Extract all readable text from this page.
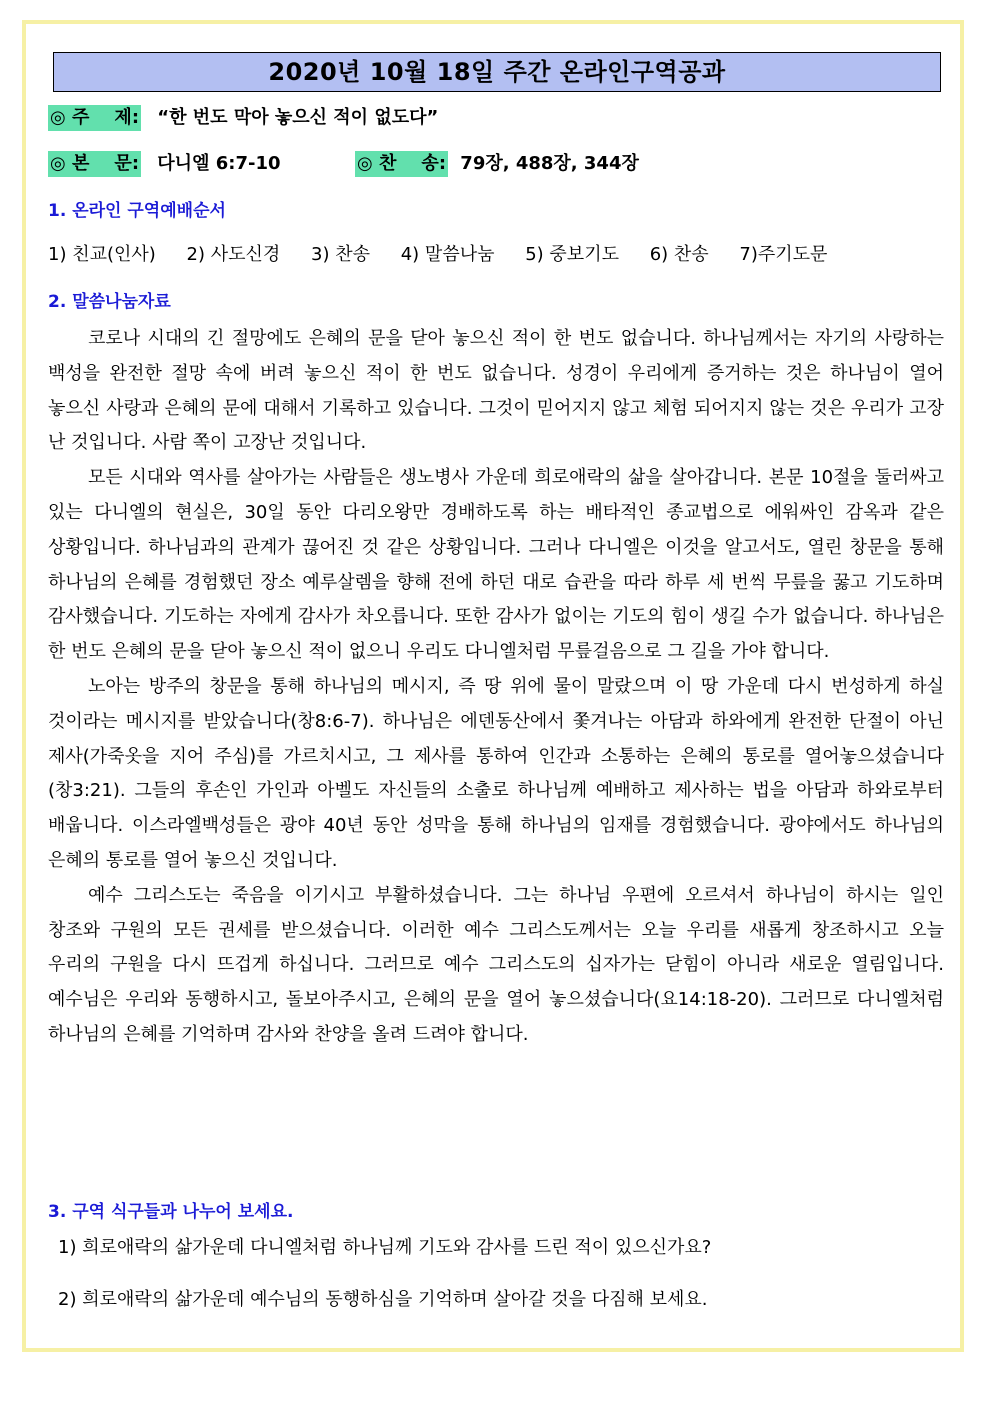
2020년 10월 18일 주간 온라인구역공과
◎ 주    제: “한 번도 막아 놓으신 적이 없도다”
◎ 본    문: 다니엘 6:7-10	◎ 찬    송: 79장, 488장, 344장
1. 온라인 구역예배순서
1) 친교(인사) 2) 사도신경 3) 찬송 4) 말씀나눔 5) 중보기도 6) 찬송 7)주기도문
2. 말씀나눔자료

코로나 시대의 긴 절망에도 은혜의 문을 닫아 놓으신 적이 한 번도 없습니다. 하나님께서는 자기의 사랑하는 백성을 완전한 절망 속에 버려 놓으신 적이 한 번도 없습니다. 성경이 우리에게 증거하는 것은 하나님이 열어 놓으신 사랑과 은혜의 문에 대해서 기록하고 있습니다. 그것이 믿어지지 않고 체험 되어지지 않는 것은 우리가 고장 난 것입니다. 사람 쪽이 고장난 것입니다.

모든 시대와 역사를 살아가는 사람들은 생노병사 가운데 희로애락의 삶을 살아갑니다. 본문 10절을 둘러싸고 있는 다니엘의 현실은, 30일 동안 다리오왕만 경배하도록 하는 배타적인 종교법으로 에워싸인 감옥과 같은 상황입니다. 하나님과의 관계가 끊어진 것 같은 상황입니다. 그러나 다니엘은 이것을 알고서도, 열린 창문을 통해 하나님의 은혜를 경험했던 장소 예루살렘을 향해 전에 하던 대로 습관을 따라 하루 세 번씩 무릎을 꿇고 기도하며 감사했습니다. 기도하는 자에게 감사가 차오릅니다. 또한 감사가 없이는 기도의 힘이 생길 수가 없습니다. 하나님은 한 번도 은혜의 문을 닫아 놓으신 적이 없으니 우리도 다니엘처럼 무릎걸음으로 그 길을 가야 합니다.

노아는 방주의 창문을 통해 하나님의 메시지, 즉 땅 위에 물이 말랐으며 이 땅 가운데 다시 번성하게 하실 것이라는 메시지를 받았습니다(창8:6-7). 하나님은 에덴동산에서 쫓겨나는 아담과 하와에게 완전한 단절이 아닌 제사(가죽옷을 지어 주심)를 가르치시고, 그 제사를 통하여 인간과 소통하는 은혜의 통로를 열어놓으셨습니다(창3:21). 그들의 후손인 가인과 아벨도 자신들의 소출로 하나님께 예배하고 제사하는 법을 아담과 하와로부터 배웁니다. 이스라엘백성들은 광야 40년 동안 성막을 통해 하나님의 임재를 경험했습니다. 광야에서도 하나님의 은혜의 통로를 열어 놓으신 것입니다.

예수 그리스도는 죽음을 이기시고 부활하셨습니다. 그는 하나님 우편에 오르셔서 하나님이 하시는 일인 창조와 구원의 모든 권세를 받으셨습니다. 이러한 예수 그리스도께서는 오늘 우리를 새롭게 창조하시고 오늘 우리의 구원을 다시 뜨겁게 하십니다. 그러므로 예수 그리스도의 십자가는 닫힘이 아니라 새로운 열림입니다. 예수님은 우리와 동행하시고, 돌보아주시고, 은혜의 문을 열어 놓으셨습니다(요14:18-20). 그러므로 다니엘처럼 하나님의 은혜를 기억하며 감사와 찬양을 올려 드려야 합니다.

3. 구역 식구들과 나누어 보세요.
1) 희로애락의 삶가운데 다니엘처럼 하나님께 기도와 감사를 드린 적이 있으신가요?
2) 희로애락의 삶가운데 예수님의 동행하심을 기억하며 살아갈 것을 다짐해 보세요.
